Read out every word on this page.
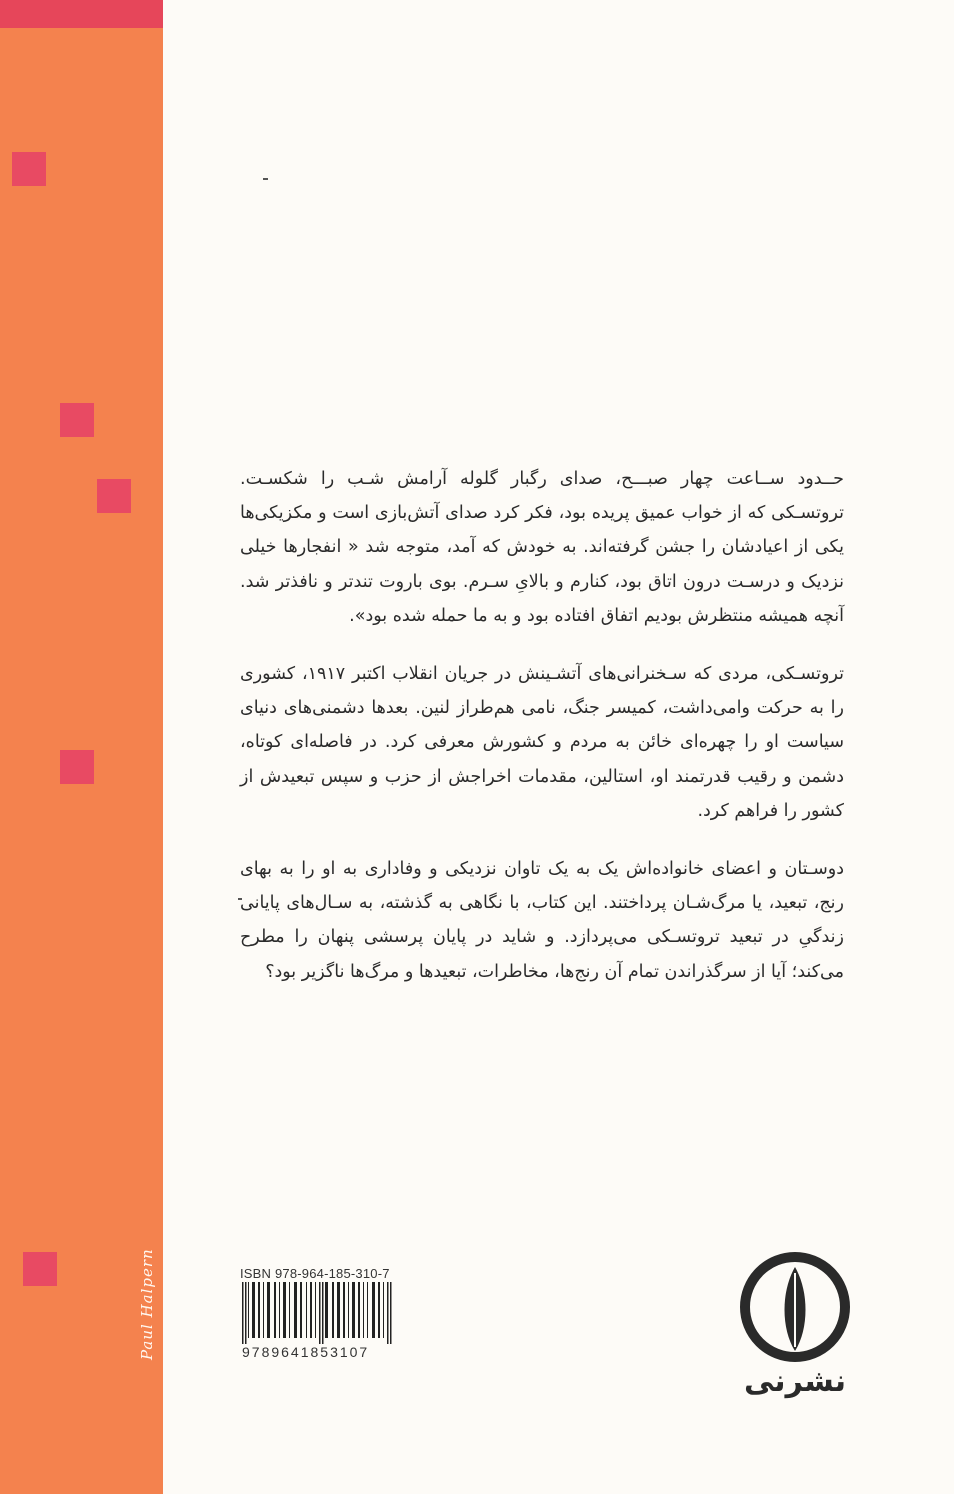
Paul Halpern

حــدود ســاعت چهار صبـــح، صدای رگبار گلوله آرامش شـب را شکسـت. تروتسـکی که از خواب عمیق پریده بود، فکر کرد صدای آتش‌بازی است و مکزیکی‌ها یکی از اعیادشان را جشن گرفته‌اند. به خودش که آمد، متوجه شد « انفجارها خیلی نزدیک و درسـت درون اتاق بود، کنارم و بالایِ سـرم. بوی باروت تندتر و نافذتر شد. آنچه همیشه منتظرش بودیم اتفاق افتاده بود و به ما حمله شده بود».

تروتسـکی، مردی که سـخنرانی‌های آتشـینش در جریان انقلاب اکتبر ۱۹۱۷، کشوری را به حرکت وامی‌داشت، کمیسر جنگ، نامی هم‌طراز لنین. بعدها دشمنی‌های دنیای سیاست او را چهره‌ای خائن به مردم و کشورش معرفی کرد. در فاصله‌ای کوتاه، دشمن و رقیب قدرتمند او، استالین، مقدمات اخراجش از حزب و سپس تبعیدش از کشور را فراهم کرد.

دوسـتان و اعضای خانواده‌اش یک به یک تاوان نزدیکی و وفاداری به او را به بهای رنج، تبعید، یا مرگ‌شـان پرداختند. این کتاب، با نگاهی به گذشته، به سـال‌های پایانی زندگیِ در تبعید تروتسـکی می‌پردازد. و شاید در پایان پرسشی پنهان را مطرح می‌کند؛ آیا از سرگذراندن تمام آن رنج‌ها، مخاطرات، تبعیدها و مرگ‌ها ناگزیر بود؟

ISBN 978-964-185-310-7
9789641853107
نشرنی
